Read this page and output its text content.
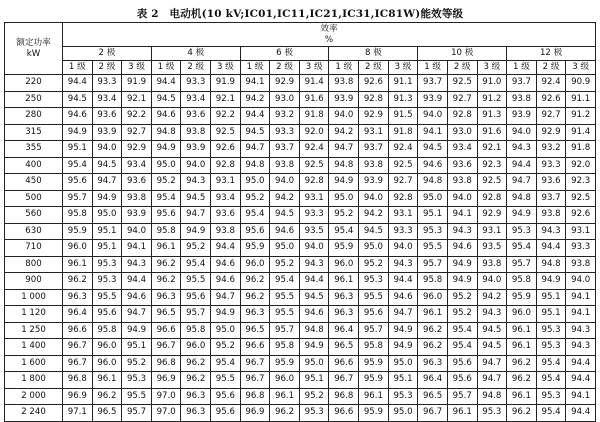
表 2　电动机(10 kV;IC01,IC11,IC21,IC31,IC81W)能效等级
额定功率
kW	效率
%																	

	2 极			4 极			6 极			8 极			10 极			12 极		
	1 级	2 级	3 级	1 级	2 级	3 级	1 级	2 级	3 级	1 级	2 级	3 级	1 级	2 级	3 级	1 级	2 级	3 级
220	94.4	93.3	91.9	94.4	93.3	91.9	94.1	92.9	91.4	93.8	92.6	91.1	93.7	92.5	91.0	93.7	92.4	90.9
250	94.5	93.4	92.1	94.5	93.4	92.1	94.2	93.0	91.6	93.9	92.8	91.3	93.9	92.7	91.2	93.8	92.6	91.1
280	94.6	93.6	92.2	94.6	93.6	92.2	94.4	93.2	91.8	94.0	92.9	91.5	94.0	92.8	91.3	93.9	92.7	91.2
315	94.9	93.9	92.7	94.8	93.8	92.5	94.5	93.3	92.0	94.2	93.1	91.8	94.1	93.0	91.6	94.0	92.9	91.4
355	95.1	94.0	92.9	94.9	93.9	92.6	94.7	93.7	92.4	94.7	93.7	92.4	94.5	93.4	92.1	94.3	93.2	91.8
400	95.4	94.5	93.4	95.0	94.0	92.8	94.8	93.8	92.5	94.8	93.8	92.5	94.6	93.6	92.3	94.4	93.3	92.0
450	95.6	94.7	93.6	95.2	94.3	93.1	95.0	94.0	92.8	94.9	93.9	92.7	94.8	93.8	92.5	94.7	93.6	92.3
500	95.7	94.9	93.8	95.4	94.5	93.4	95.2	94.2	93.1	95.0	94.0	92.8	95.0	94.0	92.8	94.8	93.7	92.5
560	95.8	95.0	93.9	95.6	94.7	93.6	95.4	94.5	93.3	95.2	94.2	93.1	95.1	94.1	92.9	94.9	93.8	92.6
630	95.9	95.1	94.0	95.8	94.9	93.8	95.6	94.6	93.5	95.4	94.5	93.3	95.3	94.3	93.1	95.3	94.3	93.1
710	96.0	95.1	94.1	96.1	95.2	94.4	95.9	95.0	94.0	95.9	95.0	94.0	95.5	94.6	93.5	95.4	94.4	93.3
800	96.1	95.3	94.3	96.2	95.4	94.6	96.0	95.2	94.3	96.0	95.2	94.3	95.7	94.9	93.8	95.7	94.8	93.8
900	96.2	95.3	94.4	96.2	95.5	94.6	96.2	95.4	94.4	96.1	95.3	94.4	95.8	94.9	94.0	95.8	94.9	94.0
1 000	96.3	95.5	94.6	96.3	95.6	94.7	96.2	95.5	94.5	96.3	95.5	94.6	96.0	95.2	94.2	95.9	95.1	94.1
1 120	96.4	95.6	94.7	96.5	95.7	94.9	96.3	95.5	94.6	96.3	95.6	94.7	96.1	95.2	94.3	96.0	95.1	94.1
1 250	96.6	95.8	94.9	96.6	95.8	95.0	96.5	95.7	94.8	96.4	95.7	94.9	96.2	95.4	94.5	96.1	95.3	94.3
1 400	96.7	96.0	95.1	96.7	96.0	95.2	96.6	95.8	94.9	96.5	95.8	94.9	96.2	95.4	94.5	96.1	95.3	94.3
1 600	96.7	96.0	95.2	96.8	96.2	95.4	96.7	95.9	95.0	96.6	95.9	95.0	96.3	95.6	94.7	96.2	95.4	94.4
1 800	96.8	96.1	95.3	96.9	96.2	95.5	96.7	96.0	95.1	96.7	95.9	95.1	96.4	95.6	94.7	96.2	95.4	94.4
2 000	96.9	96.2	95.5	97.0	96.3	95.6	96.8	96.1	95.2	96.8	96.1	95.3	96.5	95.7	94.8	96.1	95.3	94.1
2 240	97.1	96.5	95.7	97.0	96.3	95.6	96.9	96.2	95.3	96.6	95.9	95.0	96.7	96.1	95.3	96.2	95.4	94.4
